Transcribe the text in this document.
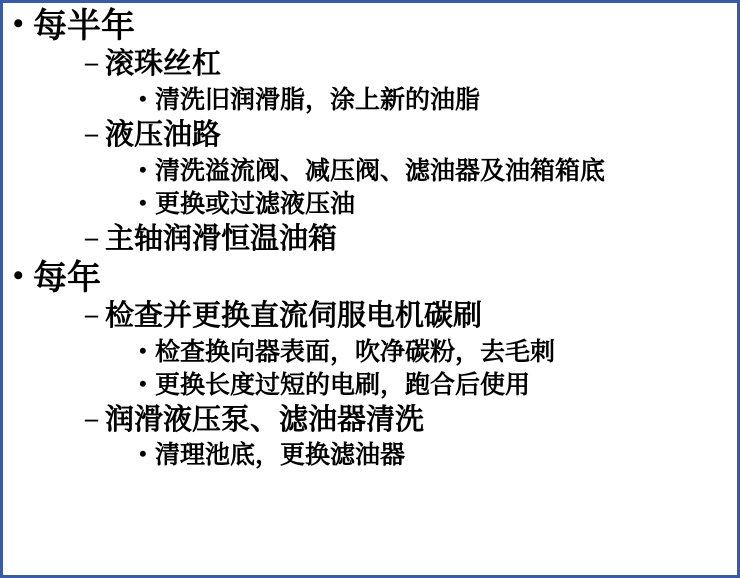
• 每半年
– 滚珠丝杠
• 清洗旧润滑脂，涂上新的油脂
– 液压油路
• 清洗溢流阀、减压阀、滤油器及油箱箱底
• 更换或过滤液压油
– 主轴润滑恒温油箱
• 每年
– 检查并更换直流伺服电机碳刷
• 检查换向器表面，吹净碳粉，去毛刺
• 更换长度过短的电刷，跑合后使用
– 润滑液压泵、滤油器清洗
• 清理池底，更换滤油器
